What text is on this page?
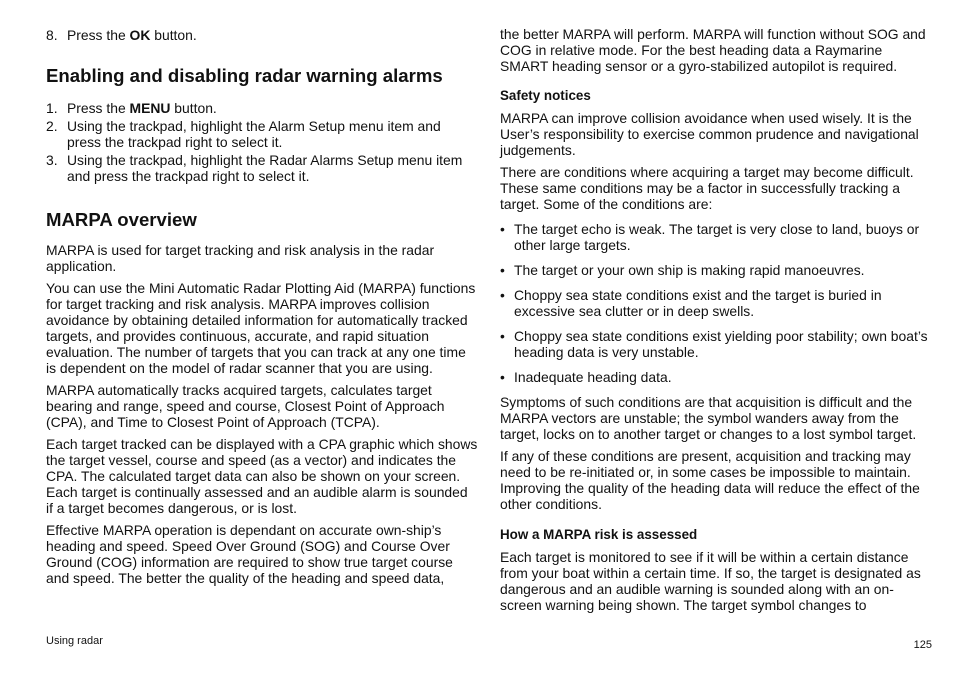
8. Press the OK button.
Enabling and disabling radar warning alarms
1. Press the MENU button.
2. Using the trackpad, highlight the Alarm Setup menu item and press the trackpad right to select it.
3. Using the trackpad, highlight the Radar Alarms Setup menu item and press the trackpad right to select it.
MARPA overview

MARPA is used for target tracking and risk analysis in the radar application.

You can use the Mini Automatic Radar Plotting Aid (MARPA) functions for target tracking and risk analysis. MARPA improves collision avoidance by obtaining detailed information for automatically tracked targets, and provides continuous, accurate, and rapid situation evaluation. The number of targets that you can track at any one time is dependent on the model of radar scanner that you are using.

MARPA automatically tracks acquired targets, calculates target bearing and range, speed and course, Closest Point of Approach (CPA), and Time to Closest Point of Approach (TCPA).

Each target tracked can be displayed with a CPA graphic which shows the target vessel, course and speed (as a vector) and indicates the CPA. The calculated target data can also be shown on your screen. Each target is continually assessed and an audible alarm is sounded if a target becomes dangerous, or is lost.

Effective MARPA operation is dependant on accurate own-ship’s heading and speed. Speed Over Ground (SOG) and Course Over Ground (COG) information are required to show true target course and speed. The better the quality of the heading and speed data,

the better MARPA will perform. MARPA will function without SOG and COG in relative mode. For the best heading data a Raymarine SMART heading sensor or a gyro-stabilized autopilot is required.

Safety notices

MARPA can improve collision avoidance when used wisely. It is the User’s responsibility to exercise common prudence and navigational judgements.

There are conditions where acquiring a target may become difficult. These same conditions may be a factor in successfully tracking a target. Some of the conditions are:

• The target echo is weak. The target is very close to land, buoys or other large targets.
• The target or your own ship is making rapid manoeuvres.
• Choppy sea state conditions exist and the target is buried in excessive sea clutter or in deep swells.
• Choppy sea state conditions exist yielding poor stability; own boat’s heading data is very unstable.
• Inadequate heading data.

Symptoms of such conditions are that acquisition is difficult and the MARPA vectors are unstable; the symbol wanders away from the target, locks on to another target or changes to a lost symbol target.

If any of these conditions are present, acquisition and tracking may need to be re-initiated or, in some cases be impossible to maintain. Improving the quality of the heading data will reduce the effect of the other conditions.

How a MARPA risk is assessed

Each target is monitored to see if it will be within a certain distance from your boat within a certain time. If so, the target is designated as dangerous and an audible warning is sounded along with an on-screen warning being shown. The target symbol changes to

Using radar	125
